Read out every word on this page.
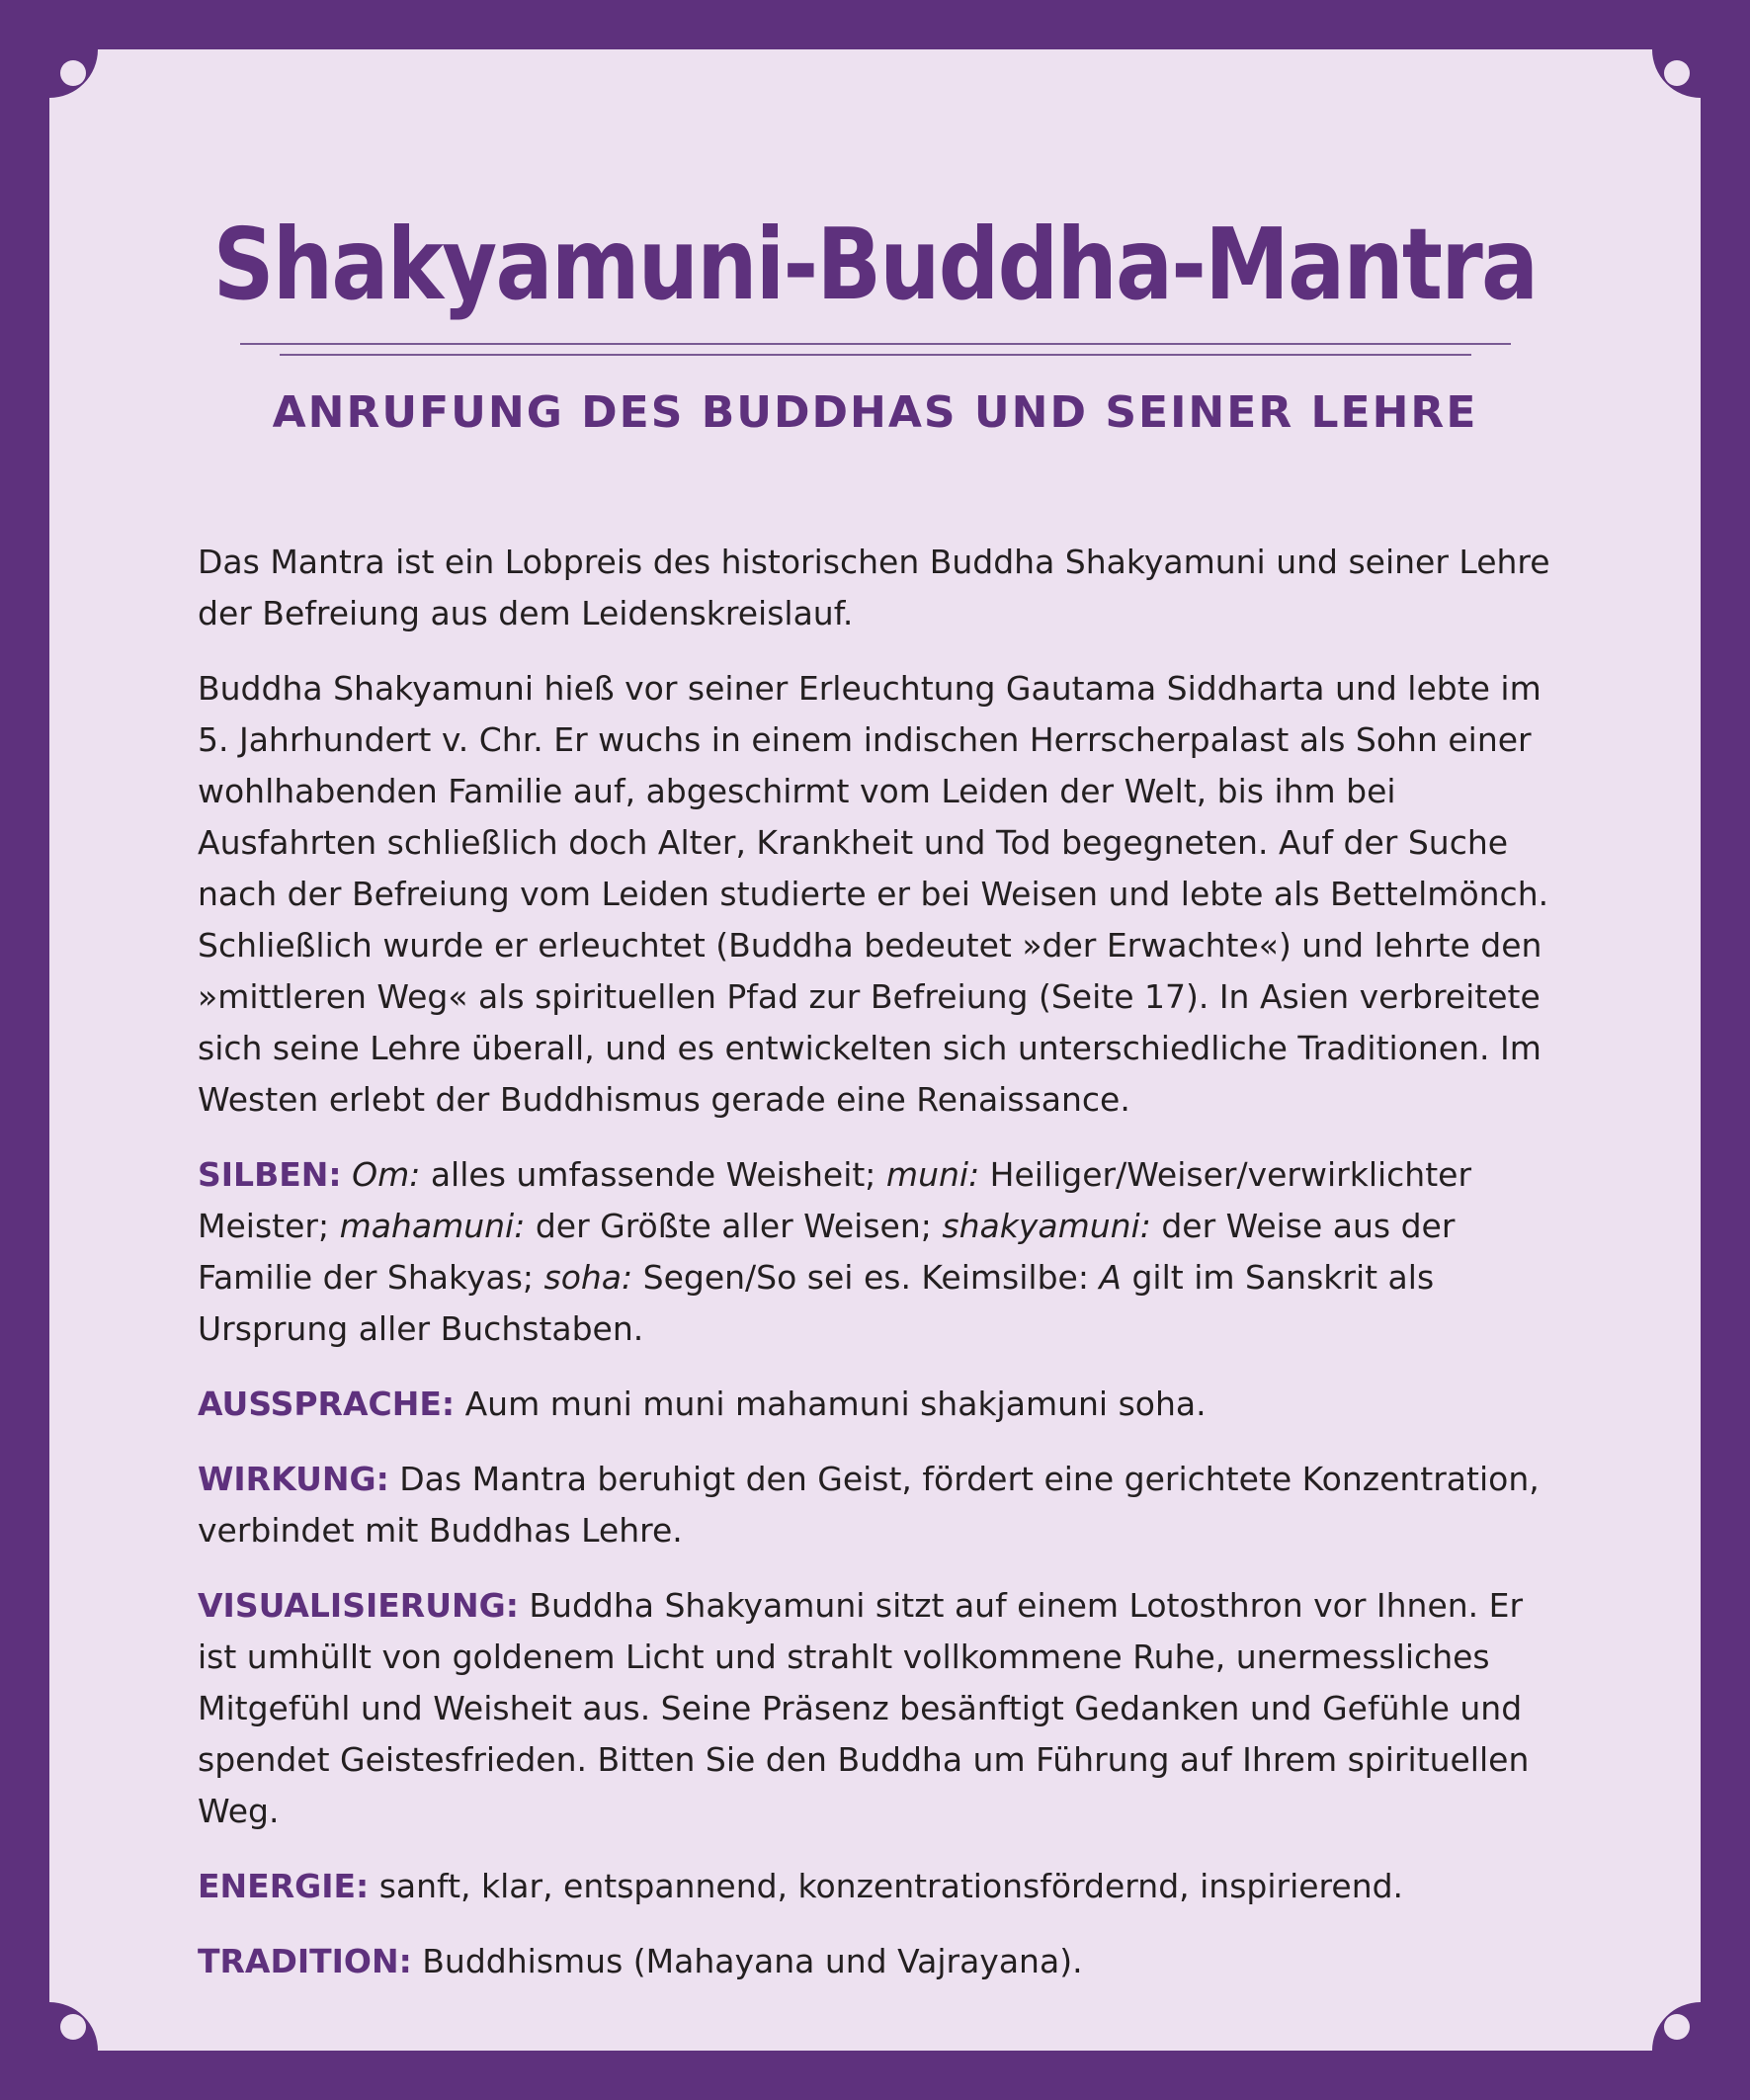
Shakyamuni-Buddha-Mantra
ANRUFUNG DES BUDDHAS UND SEINER LEHRE

Das Mantra ist ein Lobpreis des historischen Buddha Shakyamuni und seiner Lehre der Befreiung aus dem Leidenskreislauf.

Buddha Shakyamuni hieß vor seiner Erleuchtung Gautama Siddharta und lebte im 5. Jahrhundert v. Chr. Er wuchs in einem indischen Herrscherpalast als Sohn einer wohlhabenden Familie auf, abgeschirmt vom Leiden der Welt, bis ihm bei Ausfahrten schließlich doch Alter, Krankheit und Tod begegneten. Auf der Suche nach der Befreiung vom Leiden studierte er bei Weisen und lebte als Bettelmönch. Schließlich wurde er erleuchtet (Buddha bedeutet »der Erwachte«) und lehrte den »mittleren Weg« als spirituellen Pfad zur Befreiung (Seite 17). In Asien verbreitete sich seine Lehre überall, und es entwickelten sich unterschiedliche Traditionen. Im Westen erlebt der Buddhismus gerade eine Renaissance.

SILBEN: Om: alles umfassende Weisheit; muni: Heiliger/Weiser/verwirklichter Meister; mahamuni: der Größte aller Weisen; shakyamuni: der Weise aus der Familie der Shakyas; soha: Segen/So sei es. Keimsilbe: A gilt im Sanskrit als Ursprung aller Buchstaben.

AUSSPRACHE: Aum muni muni mahamuni shakjamuni soha.

WIRKUNG: Das Mantra beruhigt den Geist, fördert eine gerichtete Konzentration, verbindet mit Buddhas Lehre.

VISUALISIERUNG: Buddha Shakyamuni sitzt auf einem Lotosthron vor Ihnen. Er ist umhüllt von goldenem Licht und strahlt vollkommene Ruhe, unermessliches Mitgefühl und Weisheit aus. Seine Präsenz besänftigt Gedanken und Gefühle und spendet Geistesfrieden. Bitten Sie den Buddha um Führung auf Ihrem spirituellen Weg.

ENERGIE: sanft, klar, entspannend, konzentrationsfördernd, inspirierend.

TRADITION: Buddhismus (Mahayana und Vajrayana).
